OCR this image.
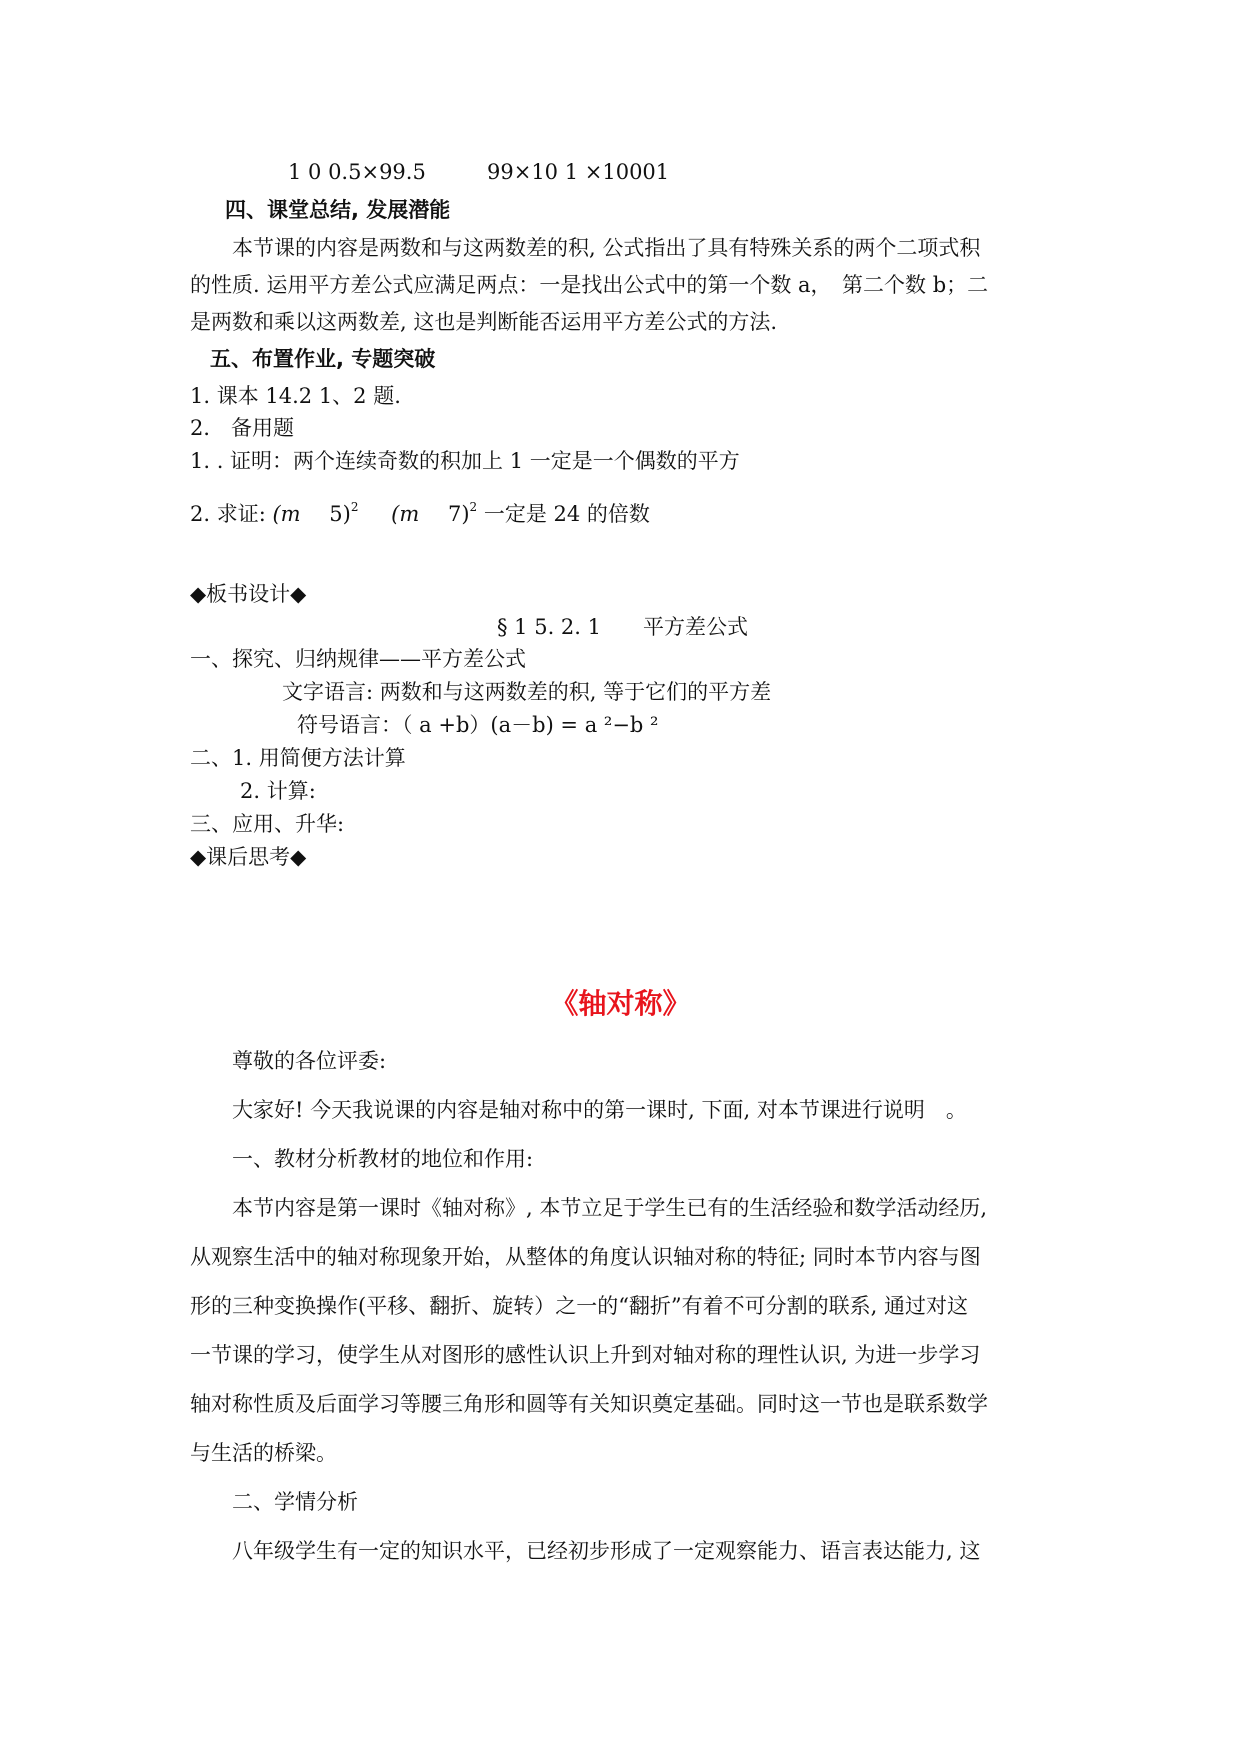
1 0 0.5×99.5	99×10 1 ×10001
四、课堂总结, 发展潜能
本节课的内容是两数和与这两数差的积, 公式指出了具有特殊关系的两个二项式积
的性质. 运用平方差公式应满足两点：一是找出公式中的第一个数 a，　第二个数 b；二
是两数和乘以这两数差, 这也是判断能否运用平方差公式的方法.
五、布置作业, 专题突破
1. 课本 14.2 1、2 题.
2． 备用题
1. . 证明：两个连续奇数的积加上 1 一定是一个偶数的平方
2. 求证: (m 5)2 (m 7)2 一定是 24 的倍数
◆板书设计◆
§ 1 5. 2. 1　　平方差公式
一、探究、归纳规律——平方差公式
文字语言: 两数和与这两数差的积, 等于它们的平方差
符号语言：（ a +b）(a－b) = a ²−b ²
二、1. 用简便方法计算
2. 计算:
三、应用、升华:
◆课后思考◆
《轴对称》
尊敬的各位评委:
大家好! 今天我说课的内容是轴对称中的第一课时, 下面, 对本节课进行说明　。
一、教材分析教材的地位和作用:
本节内容是第一课时《轴对称》, 本节立足于学生已有的生活经验和数学活动经历,
从观察生活中的轴对称现象开始，从整体的角度认识轴对称的特征; 同时本节内容与图
形的三种变换操作(平移、翻折、旋转）之一的“翻折”有着不可分割的联系, 通过对这
一节课的学习，使学生从对图形的感性认识上升到对轴对称的理性认识, 为进一步学习
轴对称性质及后面学习等腰三角形和圆等有关知识奠定基础。同时这一节也是联系数学
与生活的桥梁。
二、学情分析
八年级学生有一定的知识水平，已经初步形成了一定观察能力、语言表达能力, 这
